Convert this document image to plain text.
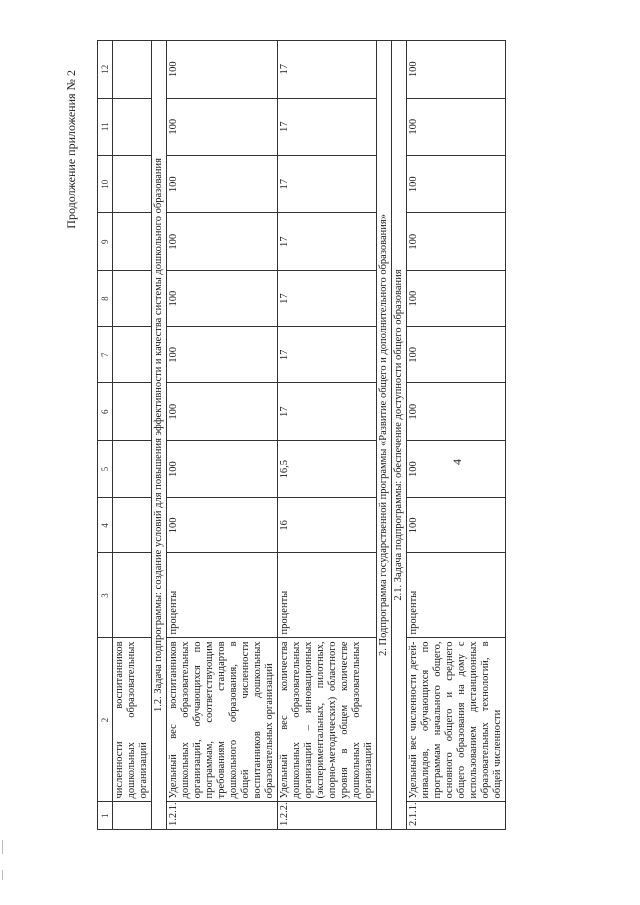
Продолжение приложения № 2
4
1	2	3	4	5	6	7	8	9	10	11	12
	численности воспитанников дошкольных образовательных организаций										
1.2. Задача подпрограммы: создание условий для повышения эффективности и качества системы дошкольного образования											
1.2.1.	Удельный вес воспитанников дошкольных образовательных организаций, обучающихся по программам, соответствующим требованиям стандартов дошкольного образования, в общей численности воспитанников дошкольных образовательных организаций	проценты	100	100	100	100	100	100	100	100	100
1.2.2.	Удельный вес количества дошкольных образовательных организаций – инновационных (экспериментальных, пилотных, опорно-методических) областного уровня в общем количестве дошкольных образовательных организаций	проценты	16	16,5	17	17	17	17	17	17	17
2. Подпрограмма государственной программы «Развитие общего и дополнительного образования»											
2.1. Задача подпрограммы: обеспечение доступности общего образования											
2.1.1.	Удельный вес численности детей-инвалидов, обучающихся по программам начального общего, основного общего и среднего общего образования на дому с использованием дистанционных образовательных технологий, в общей численности	проценты	100	100	100	100	100	100	100	100	100
